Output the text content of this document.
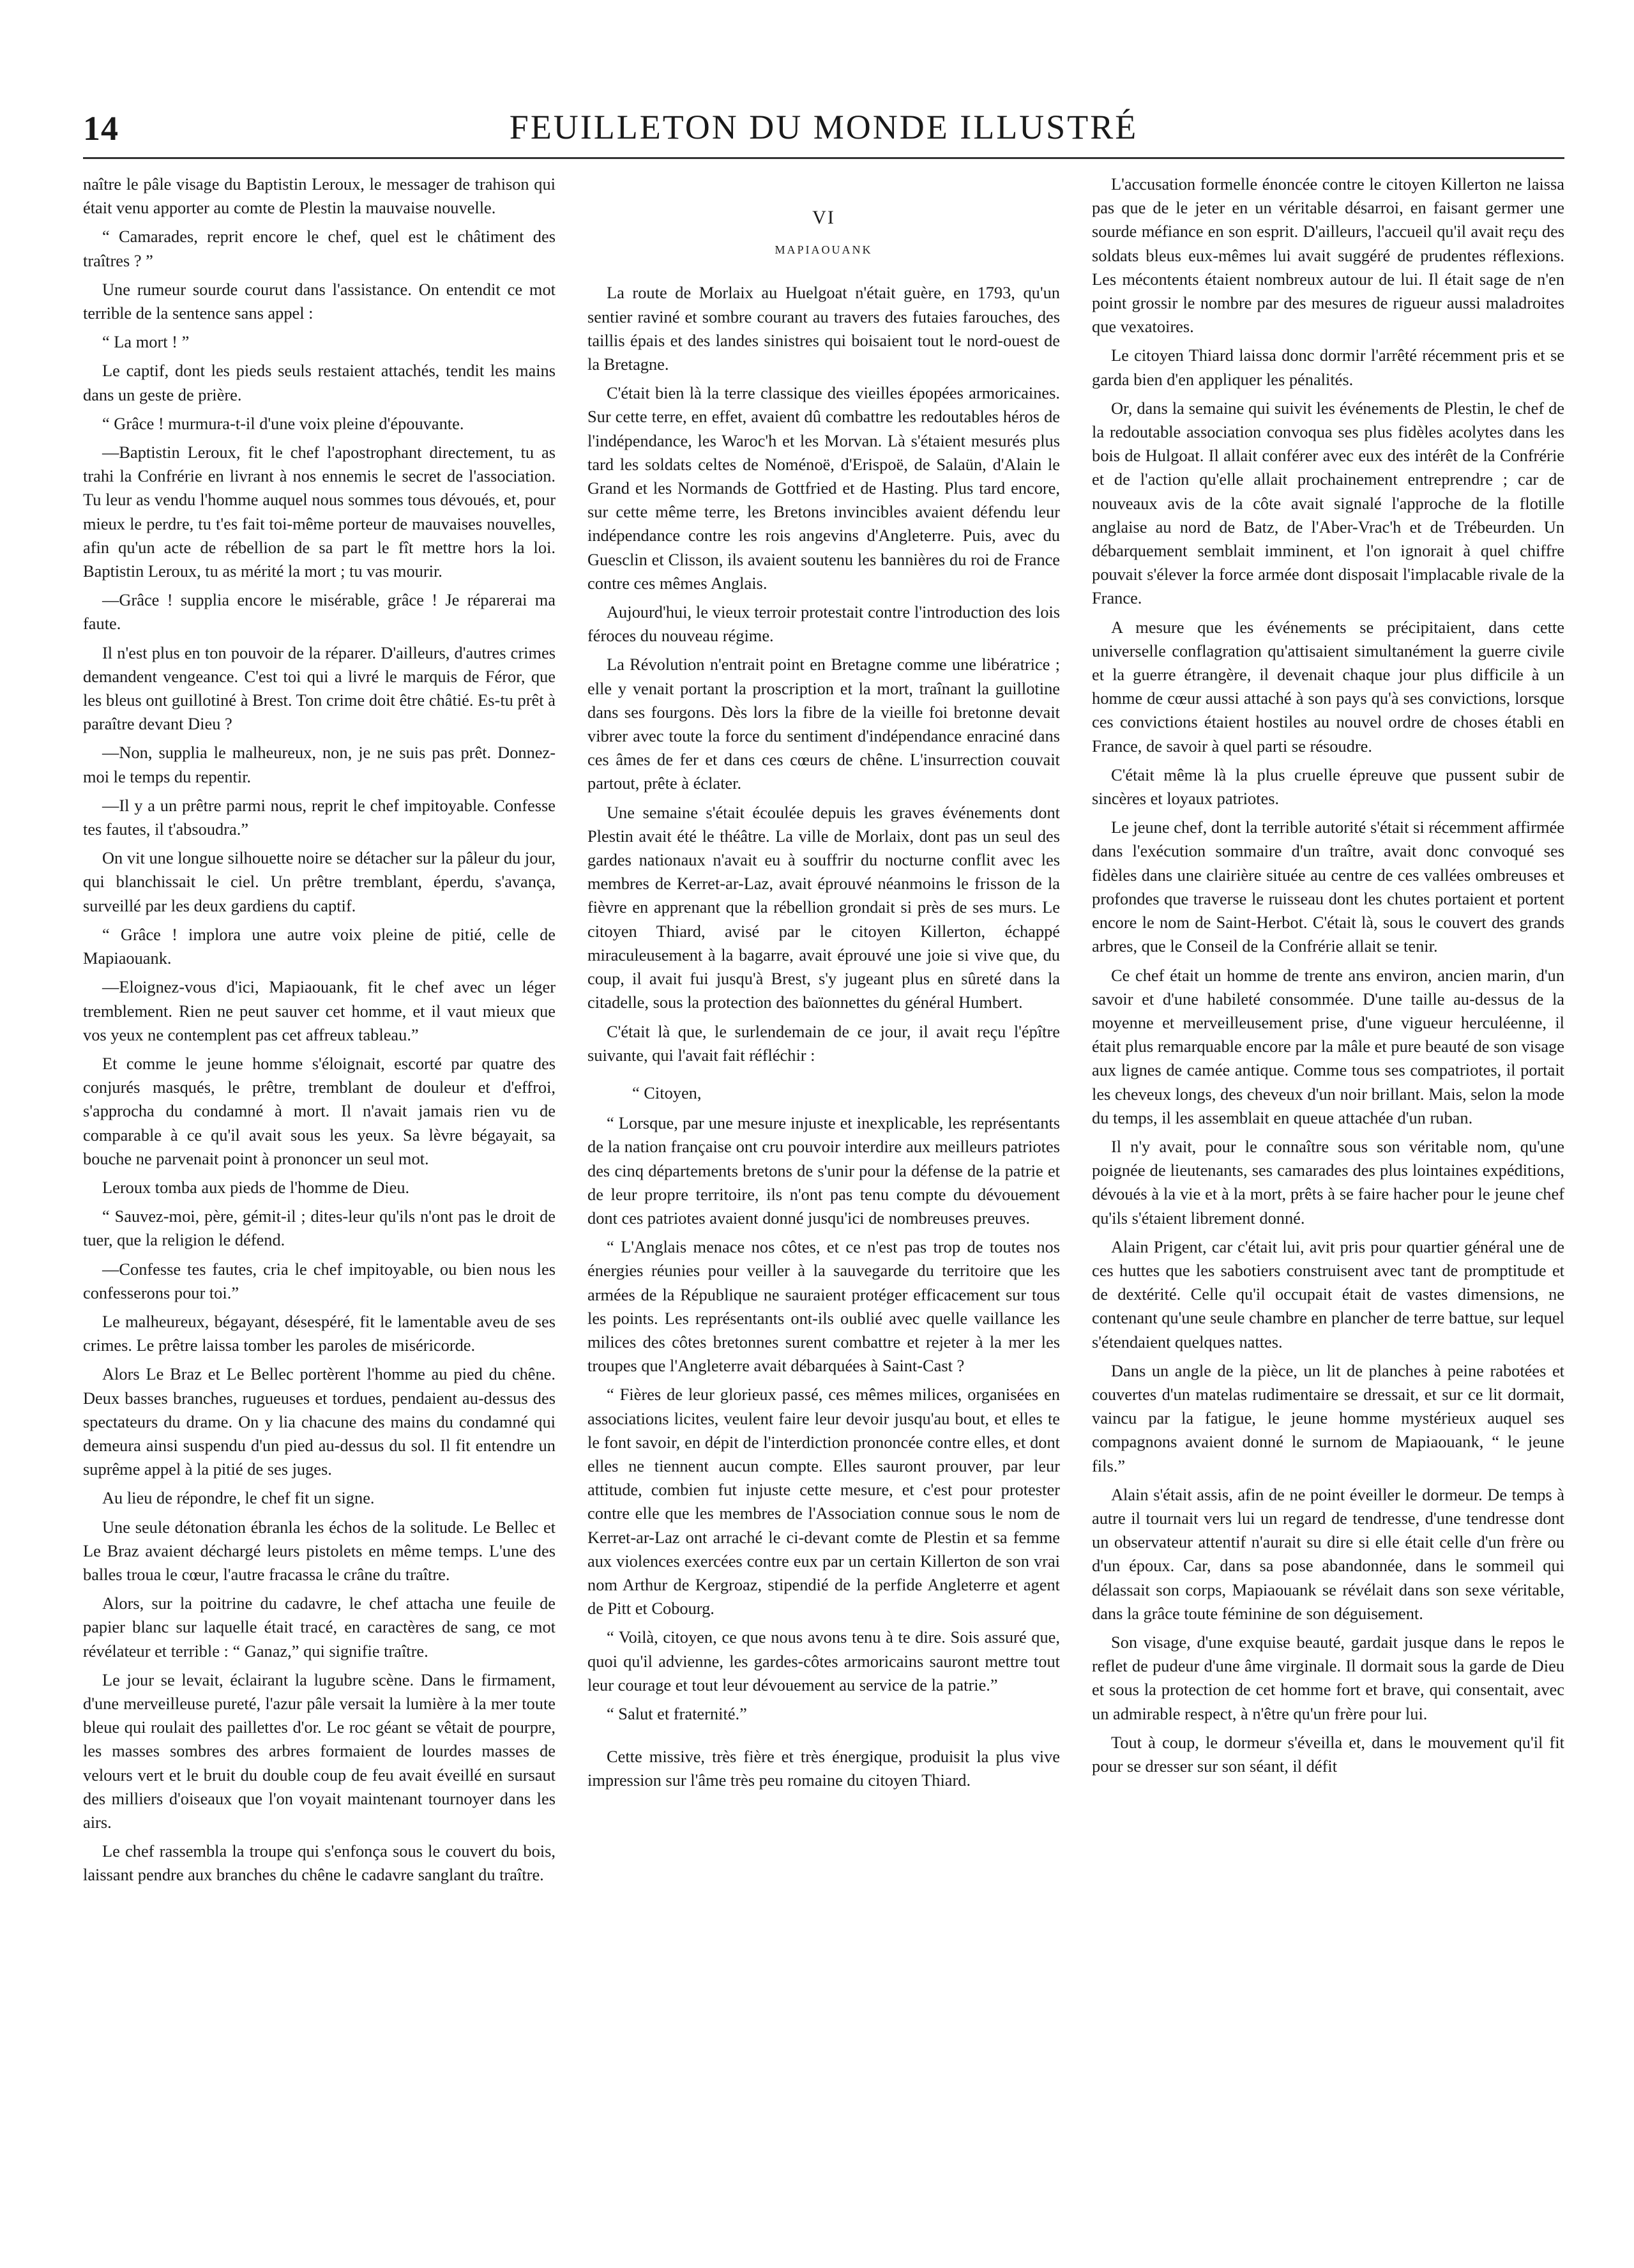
14	FEUILLETON DU MONDE ILLUSTRÉ

naître le pâle visage du Baptistin Leroux, le messager de trahison qui était venu apporter au comte de Plestin la mauvaise nouvelle.

“ Camarades, reprit encore le chef, quel est le châtiment des traîtres ? ”

Une rumeur sourde courut dans l'assistance. On entendit ce mot terrible de la sentence sans appel :

“ La mort ! ”

Le captif, dont les pieds seuls restaient attachés, tendit les mains dans un geste de prière.

“ Grâce ! murmura-t-il d'une voix pleine d'épouvante.

—Baptistin Leroux, fit le chef l'apostrophant directement, tu as trahi la Confrérie en livrant à nos ennemis le secret de l'association. Tu leur as vendu l'homme auquel nous sommes tous dévoués, et, pour mieux le perdre, tu t'es fait toi-même porteur de mauvaises nouvelles, afin qu'un acte de rébellion de sa part le fît mettre hors la loi. Baptistin Leroux, tu as mérité la mort ; tu vas mourir.

—Grâce ! supplia encore le misérable, grâce ! Je réparerai ma faute.

Il n'est plus en ton pouvoir de la réparer. D'ailleurs, d'autres crimes demandent vengeance. C'est toi qui a livré le marquis de Féror, que les bleus ont guillotiné à Brest. Ton crime doit être châtié. Es-tu prêt à paraître devant Dieu ?

—Non, supplia le malheureux, non, je ne suis pas prêt. Donnez-moi le temps du repentir.

—Il y a un prêtre parmi nous, reprit le chef impitoyable. Confesse tes fautes, il t'absoudra.”

On vit une longue silhouette noire se détacher sur la pâleur du jour, qui blanchissait le ciel. Un prêtre tremblant, éperdu, s'avança, surveillé par les deux gardiens du captif.

“ Grâce ! implora une autre voix pleine de pitié, celle de Mapiaouank.

—Eloignez-vous d'ici, Mapiaouank, fit le chef avec un léger tremblement. Rien ne peut sauver cet homme, et il vaut mieux que vos yeux ne contemplent pas cet affreux tableau.”

Et comme le jeune homme s'éloignait, escorté par quatre des conjurés masqués, le prêtre, tremblant de douleur et d'effroi, s'approcha du condamné à mort. Il n'avait jamais rien vu de comparable à ce qu'il avait sous les yeux. Sa lèvre bégayait, sa bouche ne parvenait point à prononcer un seul mot.

Leroux tomba aux pieds de l'homme de Dieu.

“ Sauvez-moi, père, gémit-il ; dites-leur qu'ils n'ont pas le droit de tuer, que la religion le défend.

—Confesse tes fautes, cria le chef impitoyable, ou bien nous les confesserons pour toi.”

Le malheureux, bégayant, désespéré, fit le lamentable aveu de ses crimes. Le prêtre laissa tomber les paroles de miséricorde.

Alors Le Braz et Le Bellec portèrent l'homme au pied du chêne. Deux basses branches, rugueuses et tordues, pendaient au-dessus des spectateurs du drame. On y lia chacune des mains du condamné qui demeura ainsi suspendu d'un pied au-dessus du sol. Il fit entendre un suprême appel à la pitié de ses juges.

Au lieu de répondre, le chef fit un signe.

Une seule détonation ébranla les échos de la solitude. Le Bellec et Le Braz avaient déchargé leurs pistolets en même temps. L'une des balles troua le cœur, l'autre fracassa le crâne du traître.

Alors, sur la poitrine du cadavre, le chef attacha une feuile de papier blanc sur laquelle était tracé, en caractères de sang, ce mot révélateur et terrible : “ Ganaz,” qui signifie traître.

Le jour se levait, éclairant la lugubre scène. Dans le firmament, d'une merveilleuse pureté, l'azur pâle versait la lumière à la mer toute bleue qui roulait des paillettes d'or. Le roc géant se vêtait de pourpre, les masses sombres des arbres formaient de lourdes masses de velours vert et le bruit du double coup de feu avait éveillé en sursaut des milliers d'oiseaux que l'on voyait maintenant tournoyer dans les airs.

Le chef rassembla la troupe qui s'enfonça sous le couvert du bois, laissant pendre aux branches du chêne le cadavre sanglant du traître.

VI
MAPIAOUANK

La route de Morlaix au Huelgoat n'était guère, en 1793, qu'un sentier raviné et sombre courant au travers des futaies farouches, des taillis épais et des landes sinistres qui boisaient tout le nord-ouest de la Bretagne.

C'était bien là la terre classique des vieilles épopées armoricaines. Sur cette terre, en effet, avaient dû combattre les redoutables héros de l'indépendance, les Waroc'h et les Morvan. Là s'étaient mesurés plus tard les soldats celtes de Noménoë, d'Erispoë, de Salaün, d'Alain le Grand et les Normands de Gottfried et de Hasting. Plus tard encore, sur cette même terre, les Bretons invincibles avaient défendu leur indépendance contre les rois angevins d'Angleterre. Puis, avec du Guesclin et Clisson, ils avaient soutenu les bannières du roi de France contre ces mêmes Anglais.

Aujourd'hui, le vieux terroir protestait contre l'introduction des lois féroces du nouveau régime.

La Révolution n'entrait point en Bretagne comme une libératrice ; elle y venait portant la proscription et la mort, traînant la guillotine dans ses fourgons. Dès lors la fibre de la vieille foi bretonne devait vibrer avec toute la force du sentiment d'indépendance enraciné dans ces âmes de fer et dans ces cœurs de chêne. L'insurrection couvait partout, prête à éclater.

Une semaine s'était écoulée depuis les graves événements dont Plestin avait été le théâtre. La ville de Morlaix, dont pas un seul des gardes nationaux n'avait eu à souffrir du nocturne conflit avec les membres de Kerret-ar-Laz, avait éprouvé néanmoins le frisson de la fièvre en apprenant que la rébellion grondait si près de ses murs. Le citoyen Thiard, avisé par le citoyen Killerton, échappé miraculeusement à la bagarre, avait éprouvé une joie si vive que, du coup, il avait fui jusqu'à Brest, s'y jugeant plus en sûreté dans la citadelle, sous la protection des baïonnettes du général Humbert.

C'était là que, le surlendemain de ce jour, il avait reçu l'épître suivante, qui l'avait fait réfléchir :

“ Citoyen,

“ Lorsque, par une mesure injuste et inexplicable, les représentants de la nation française ont cru pouvoir interdire aux meilleurs patriotes des cinq départements bretons de s'unir pour la défense de la patrie et de leur propre territoire, ils n'ont pas tenu compte du dévouement dont ces patriotes avaient donné jusqu'ici de nombreuses preuves.

“ L'Anglais menace nos côtes, et ce n'est pas trop de toutes nos énergies réunies pour veiller à la sauvegarde du territoire que les armées de la République ne sauraient protéger efficacement sur tous les points. Les représentants ont-ils oublié avec quelle vaillance les milices des côtes bretonnes surent combattre et rejeter à la mer les troupes que l'Angleterre avait débarquées à Saint-Cast ?

“ Fières de leur glorieux passé, ces mêmes milices, organisées en associations licites, veulent faire leur devoir jusqu'au bout, et elles te le font savoir, en dépit de l'interdiction prononcée contre elles, et dont elles ne tiennent aucun compte. Elles sauront prouver, par leur attitude, combien fut injuste cette mesure, et c'est pour protester contre elle que les membres de l'Association connue sous le nom de Kerret-ar-Laz ont arraché le ci-devant comte de Plestin et sa femme aux violences exercées contre eux par un certain Killerton de son vrai nom Arthur de Kergroaz, stipendié de la perfide Angleterre et agent de Pitt et Cobourg.

“ Voilà, citoyen, ce que nous avons tenu à te dire. Sois assuré que, quoi qu'il advienne, les gardes-côtes armoricains sauront mettre tout leur courage et tout leur dévouement au service de la patrie.”

“ Salut et fraternité.”

Cette missive, très fière et très énergique, produisit la plus vive impression sur l'âme très peu romaine du citoyen Thiard.

L'accusation formelle énoncée contre le citoyen Killerton ne laissa pas que de le jeter en un véritable désarroi, en faisant germer une sourde méfiance en son esprit. D'ailleurs, l'accueil qu'il avait reçu des soldats bleus eux-mêmes lui avait suggéré de prudentes réflexions. Les mécontents étaient nombreux autour de lui. Il était sage de n'en point grossir le nombre par des mesures de rigueur aussi maladroites que vexatoires.

Le citoyen Thiard laissa donc dormir l'arrêté récemment pris et se garda bien d'en appliquer les pénalités.

Or, dans la semaine qui suivit les événements de Plestin, le chef de la redoutable association convoqua ses plus fidèles acolytes dans les bois de Hulgoat. Il allait conférer avec eux des intérêt de la Confrérie et de l'action qu'elle allait prochainement entreprendre ; car de nouveaux avis de la côte avait signalé l'approche de la flotille anglaise au nord de Batz, de l'Aber-Vrac'h et de Trébeurden. Un débarquement semblait imminent, et l'on ignorait à quel chiffre pouvait s'élever la force armée dont disposait l'implacable rivale de la France.

A mesure que les événements se précipitaient, dans cette universelle conflagration qu'attisaient simultanément la guerre civile et la guerre étrangère, il devenait chaque jour plus difficile à un homme de cœur aussi attaché à son pays qu'à ses convictions, lorsque ces convictions étaient hostiles au nouvel ordre de choses établi en France, de savoir à quel parti se résoudre.

C'était même là la plus cruelle épreuve que pussent subir de sincères et loyaux patriotes.

Le jeune chef, dont la terrible autorité s'était si récemment affirmée dans l'exécution sommaire d'un traître, avait donc convoqué ses fidèles dans une clairière située au centre de ces vallées ombreuses et profondes que traverse le ruisseau dont les chutes portaient et portent encore le nom de Saint-Herbot. C'était là, sous le couvert des grands arbres, que le Conseil de la Confrérie allait se tenir.

Ce chef était un homme de trente ans environ, ancien marin, d'un savoir et d'une habileté consommée. D'une taille au-dessus de la moyenne et merveilleusement prise, d'une vigueur herculéenne, il était plus remarquable encore par la mâle et pure beauté de son visage aux lignes de camée antique. Comme tous ses compatriotes, il portait les cheveux longs, des cheveux d'un noir brillant. Mais, selon la mode du temps, il les assemblait en queue attachée d'un ruban.

Il n'y avait, pour le connaître sous son véritable nom, qu'une poignée de lieutenants, ses camarades des plus lointaines expéditions, dévoués à la vie et à la mort, prêts à se faire hacher pour le jeune chef qu'ils s'étaient librement donné.

Alain Prigent, car c'était lui, avit pris pour quartier général une de ces huttes que les sabotiers construisent avec tant de promptitude et de dextérité. Celle qu'il occupait était de vastes dimensions, ne contenant qu'une seule chambre en plancher de terre battue, sur lequel s'étendaient quelques nattes.

Dans un angle de la pièce, un lit de planches à peine rabotées et couvertes d'un matelas rudimentaire se dressait, et sur ce lit dormait, vaincu par la fatigue, le jeune homme mystérieux auquel ses compagnons avaient donné le surnom de Mapiaouank, “ le jeune fils.”

Alain s'était assis, afin de ne point éveiller le dormeur. De temps à autre il tournait vers lui un regard de tendresse, d'une tendresse dont un observateur attentif n'aurait su dire si elle était celle d'un frère ou d'un époux. Car, dans sa pose abandonnée, dans le sommeil qui délassait son corps, Mapiaouank se révélait dans son sexe véritable, dans la grâce toute féminine de son déguisement.

Son visage, d'une exquise beauté, gardait jusque dans le repos le reflet de pudeur d'une âme virginale. Il dormait sous la garde de Dieu et sous la protection de cet homme fort et brave, qui consentait, avec un admirable respect, à n'être qu'un frère pour lui.

Tout à coup, le dormeur s'éveilla et, dans le mouvement qu'il fit pour se dresser sur son séant, il défit
